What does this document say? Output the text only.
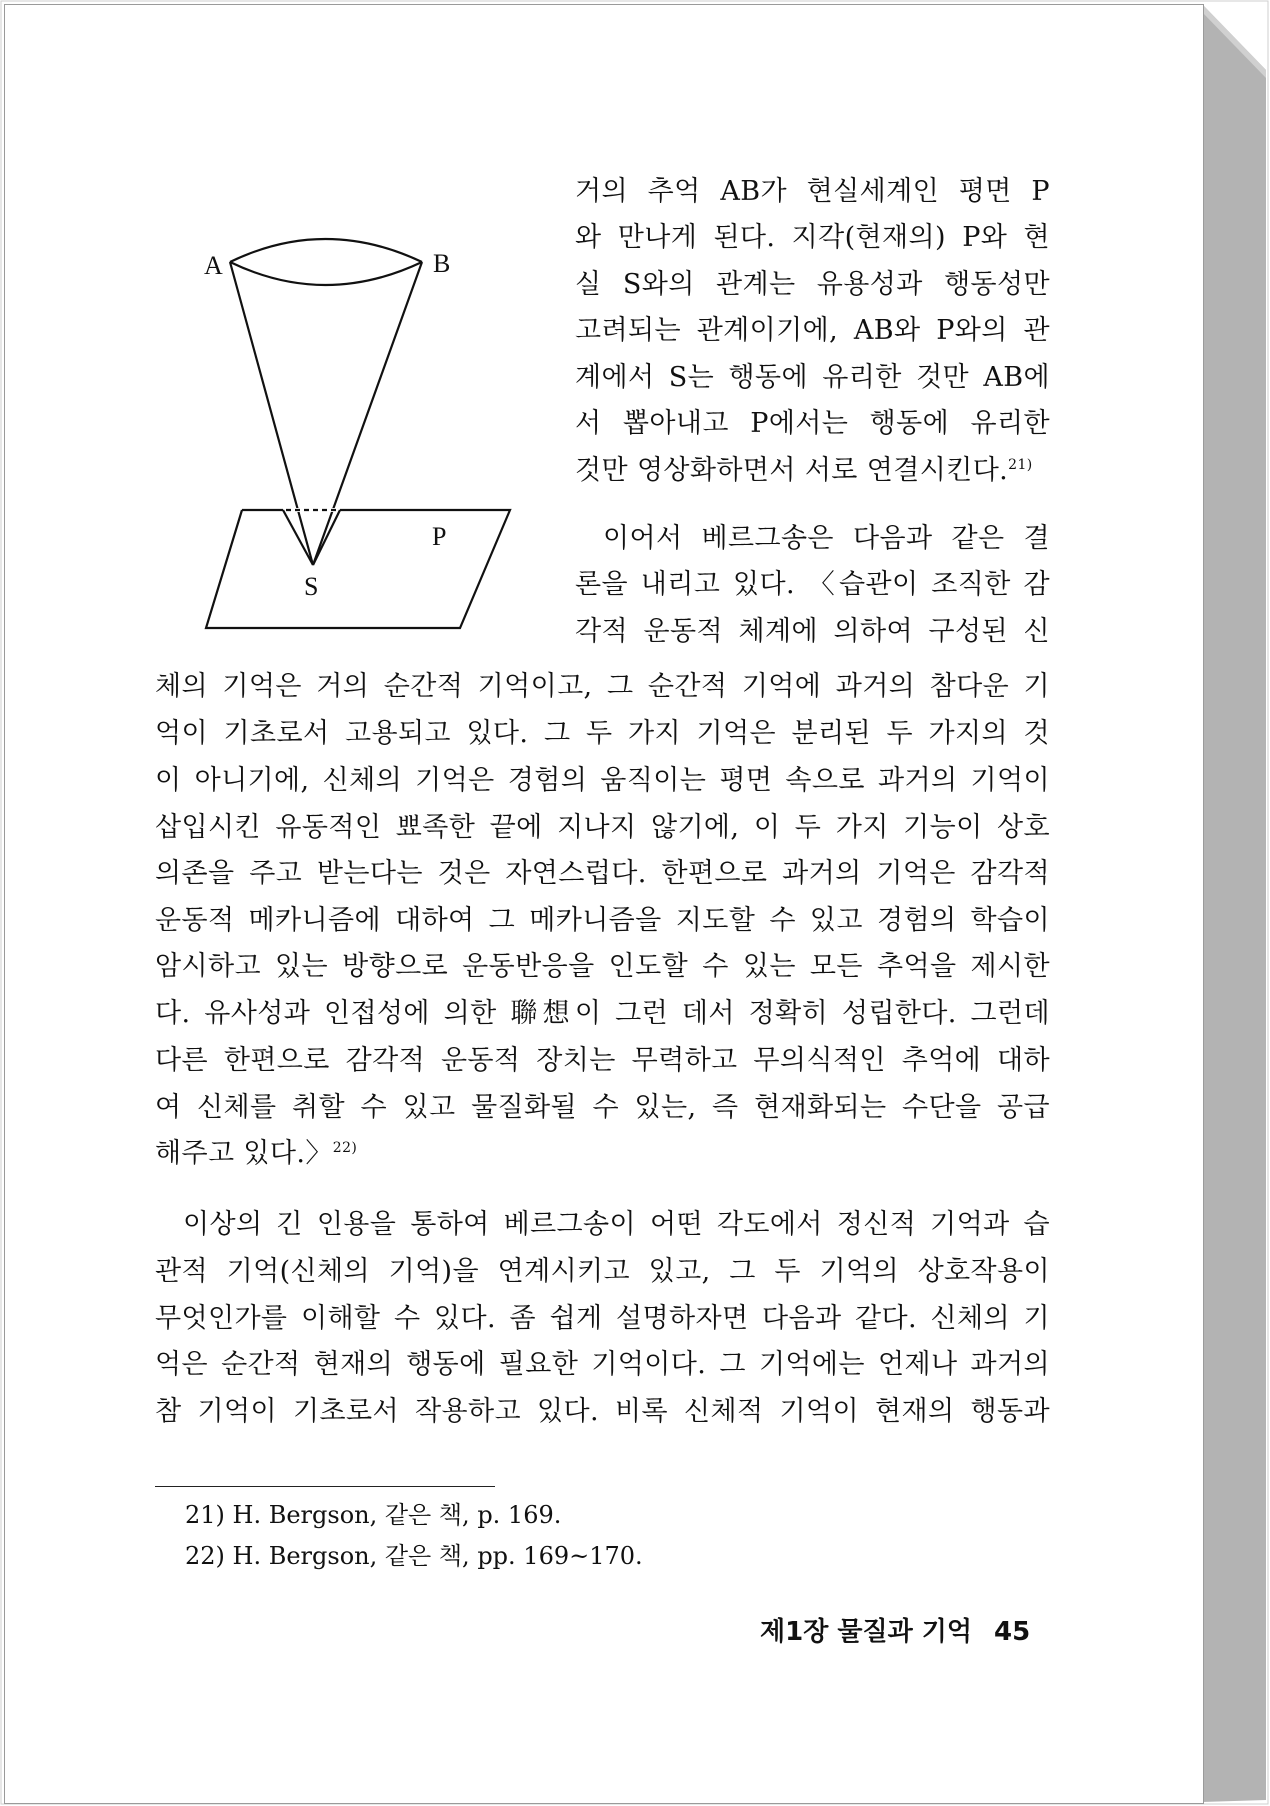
A	B
P
S
거의 추억 AB가 현실세계인 평면 P
와 만나게 된다. 지각(현재의) P와 현
실 S와의 관계는 유용성과 행동성만
고려되는 관계이기에, AB와 P와의 관
계에서 S는 행동에 유리한 것만 AB에
서 뽑아내고 P에서는 행동에 유리한
것만 영상화하면서 서로 연결시킨다.$^{21)}$
이어서 베르그송은 다음과 같은 결
론을 내리고 있다. 〈습관이 조직한 감
각적 운동적 체계에 의하여 구성된 신
체의 기억은 거의 순간적 기억이고, 그 순간적 기억에 과거의 참다운 기
억이 기초로서 고용되고 있다. 그 두 가지 기억은 분리된 두 가지의 것
이 아니기에, 신체의 기억은 경험의 움직이는 평면 속으로 과거의 기억이
삽입시킨 유동적인 뾰족한 끝에 지나지 않기에, 이 두 가지 기능이 상호
의존을 주고 받는다는 것은 자연스럽다. 한편으로 과거의 기억은 감각적
운동적 메카니즘에 대하여 그 메카니즘을 지도할 수 있고 경험의 학습이
암시하고 있는 방향으로 운동반응을 인도할 수 있는 모든 추억을 제시한
다. 유사성과 인접성에 의한 聯想이 그런 데서 정확히 성립한다. 그런데
다른 한편으로 감각적 운동적 장치는 무력하고 무의식적인 추억에 대하
여 신체를 취할 수 있고 물질화될 수 있는, 즉 현재화되는 수단을 공급
해주고 있다.〉$^{22)}$
이상의 긴 인용을 통하여 베르그송이 어떤 각도에서 정신적 기억과 습
관적 기억(신체의 기억)을 연계시키고 있고, 그 두 기억의 상호작용이
무엇인가를 이해할 수 있다. 좀 쉽게 설명하자면 다음과 같다. 신체의 기
억은 순간적 현재의 행동에 필요한 기억이다. 그 기억에는 언제나 과거의
참 기억이 기초로서 작용하고 있다. 비록 신체적 기억이 현재의 행동과
21) H. Bergson, 같은 책, p. 169.
22) H. Bergson, 같은 책, pp. 169~170.
제1장 물질과 기억 45
